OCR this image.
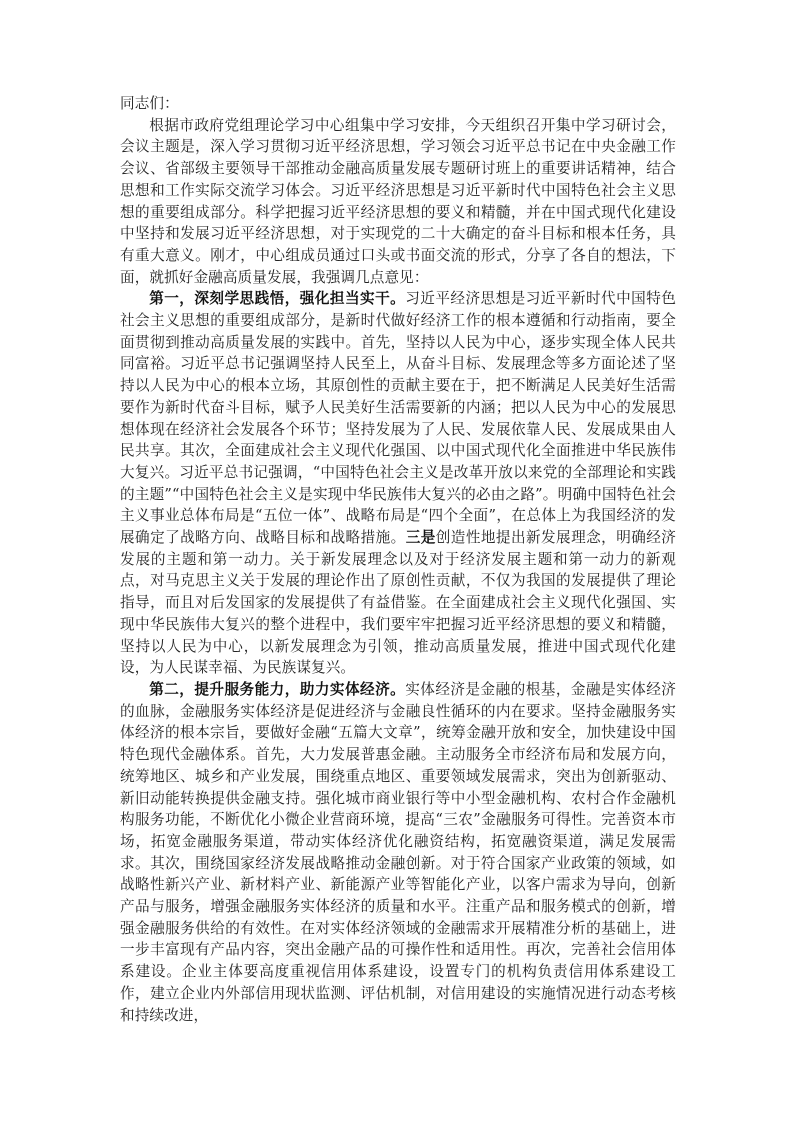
同志们：

根据市政府党组理论学习中心组集中学习安排，今天组织召开集中学习研讨会，会议主题是，深入学习贯彻习近平经济思想，学习领会习近平总书记在中央金融工作会议、省部级主要领导干部推动金融高质量发展专题研讨班上的重要讲话精神，结合思想和工作实际交流学习体会。习近平经济思想是习近平新时代中国特色社会主义思想的重要组成部分。科学把握习近平经济思想的要义和精髓，并在中国式现代化建设中坚持和发展习近平经济思想，对于实现党的二十大确定的奋斗目标和根本任务，具有重大意义。刚才，中心组成员通过口头或书面交流的形式，分享了各自的想法，下面，就抓好金融高质量发展，我强调几点意见：

第一，深刻学思践悟，强化担当实干。习近平经济思想是习近平新时代中国特色社会主义思想的重要组成部分，是新时代做好经济工作的根本遵循和行动指南，要全面贯彻到推动高质量发展的实践中。首先，坚持以人民为中心，逐步实现全体人民共同富裕。习近平总书记强调坚持人民至上，从奋斗目标、发展理念等多方面论述了坚持以人民为中心的根本立场，其原创性的贡献主要在于，把不断满足人民美好生活需要作为新时代奋斗目标，赋予人民美好生活需要新的内涵；把以人民为中心的发展思想体现在经济社会发展各个环节；坚持发展为了人民、发展依靠人民、发展成果由人民共享。其次，全面建成社会主义现代化强国、以中国式现代化全面推进中华民族伟大复兴。习近平总书记强调，“中国特色社会主义是改革开放以来党的全部理论和实践的主题”“中国特色社会主义是实现中华民族伟大复兴的必由之路”。明确中国特色社会主义事业总体布局是“五位一体”、战略布局是“四个全面”，在总体上为我国经济的发展确定了战略方向、战略目标和战略措施。三是创造性地提出新发展理念，明确经济发展的主题和第一动力。关于新发展理念以及对于经济发展主题和第一动力的新观点，对马克思主义关于发展的理论作出了原创性贡献，不仅为我国的发展提供了理论指导，而且对后发国家的发展提供了有益借鉴。在全面建成社会主义现代化强国、实现中华民族伟大复兴的整个进程中，我们要牢牢把握习近平经济思想的要义和精髓，坚持以人民为中心，以新发展理念为引领，推动高质量发展，推进中国式现代化建设，为人民谋幸福、为民族谋复兴。

第二，提升服务能力，助力实体经济。实体经济是金融的根基，金融是实体经济的血脉，金融服务实体经济是促进经济与金融良性循环的内在要求。坚持金融服务实体经济的根本宗旨，要做好金融“五篇大文章”，统筹金融开放和安全，加快建设中国特色现代金融体系。首先，大力发展普惠金融。主动服务全市经济布局和发展方向，统筹地区、城乡和产业发展，围绕重点地区、重要领域发展需求，突出为创新驱动、新旧动能转换提供金融支持。强化城市商业银行等中小型金融机构、农村合作金融机构服务功能，不断优化小微企业营商环境，提高“三农”金融服务可得性。完善资本市场，拓宽金融服务渠道，带动实体经济优化融资结构，拓宽融资渠道，满足发展需求。其次，围绕国家经济发展战略推动金融创新。对于符合国家产业政策的领域，如战略性新兴产业、新材料产业、新能源产业等智能化产业，以客户需求为导向，创新产品与服务，增强金融服务实体经济的质量和水平。注重产品和服务模式的创新，增强金融服务供给的有效性。在对实体经济领域的金融需求开展精准分析的基础上，进一步丰富现有产品内容，突出金融产品的可操作性和适用性。再次，完善社会信用体系建设。企业主体要高度重视信用体系建设，设置专门的机构负责信用体系建设工作，建立企业内外部信用现状监测、评估机制，对信用建设的实施情况进行动态考核和持续改进，
